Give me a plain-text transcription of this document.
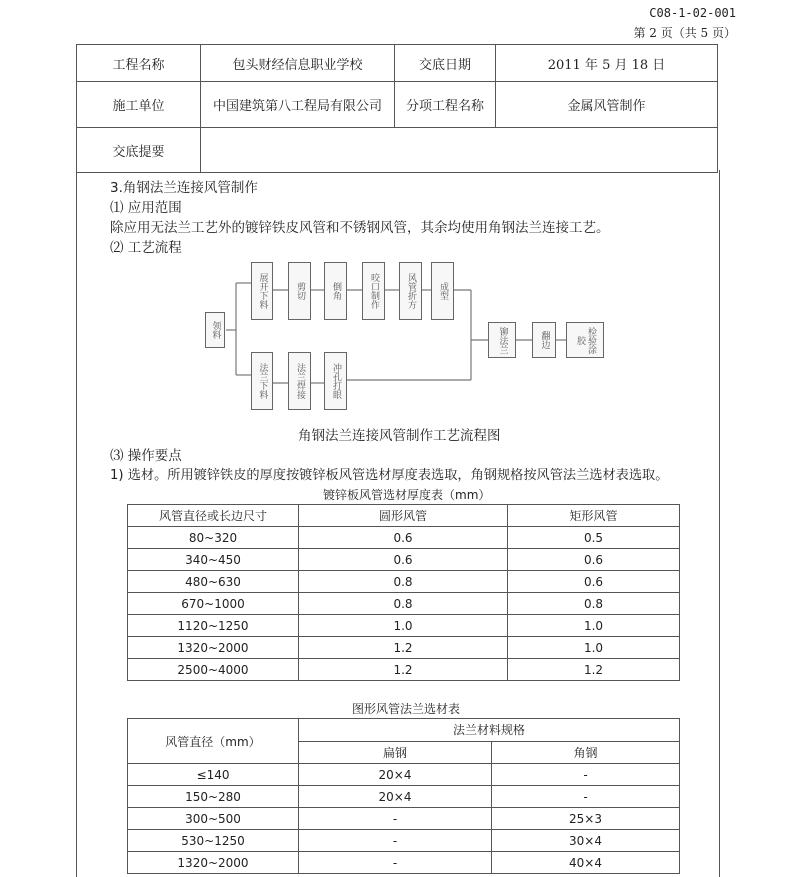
C08-1-02-001
第 2 页（共 5 页）
工程名称	包头财经信息职业学校	交底日期	2011 年 5 月 18 日
施工单位	中国建筑第八工程局有限公司	分项工程名称	金属风管制作
交底提要			
3.角钢法兰连接风管制作
⑴ 应用范围
除应用无法兰工艺外的镀锌铁皮风管和不锈钢风管，其余均使用角钢法兰连接工艺。
⑵ 工艺流程
领料
展开下料	剪切	倒角	咬口制作	风管折方	成型
法兰下料	法兰焊接	冲孔打眼
铆法兰	翻边	检验涂胶
角钢法兰连接风管制作工艺流程图
⑶ 操作要点
1) 选材。所用镀锌铁皮的厚度按镀锌板风管选材厚度表选取，角钢规格按风管法兰选材表选取。
镀锌板风管选材厚度表（mm）
风管直径或长边尺寸	圆形风管	矩形风管
80~320	0.6	0.5
340~450	0.6	0.6
480~630	0.8	0.6
670~1000	0.8	0.8
1120~1250	1.0	1.0
1320~2000	1.2	1.0
2500~4000	1.2	1.2
图形风管法兰选材表
风管直径（mm）	法兰材料规格	
	扁钢	角钢
≤140	20×4	-
150~280	20×4	-
300~500	-	25×3
530~1250	-	30×4
1320~2000	-	40×4
